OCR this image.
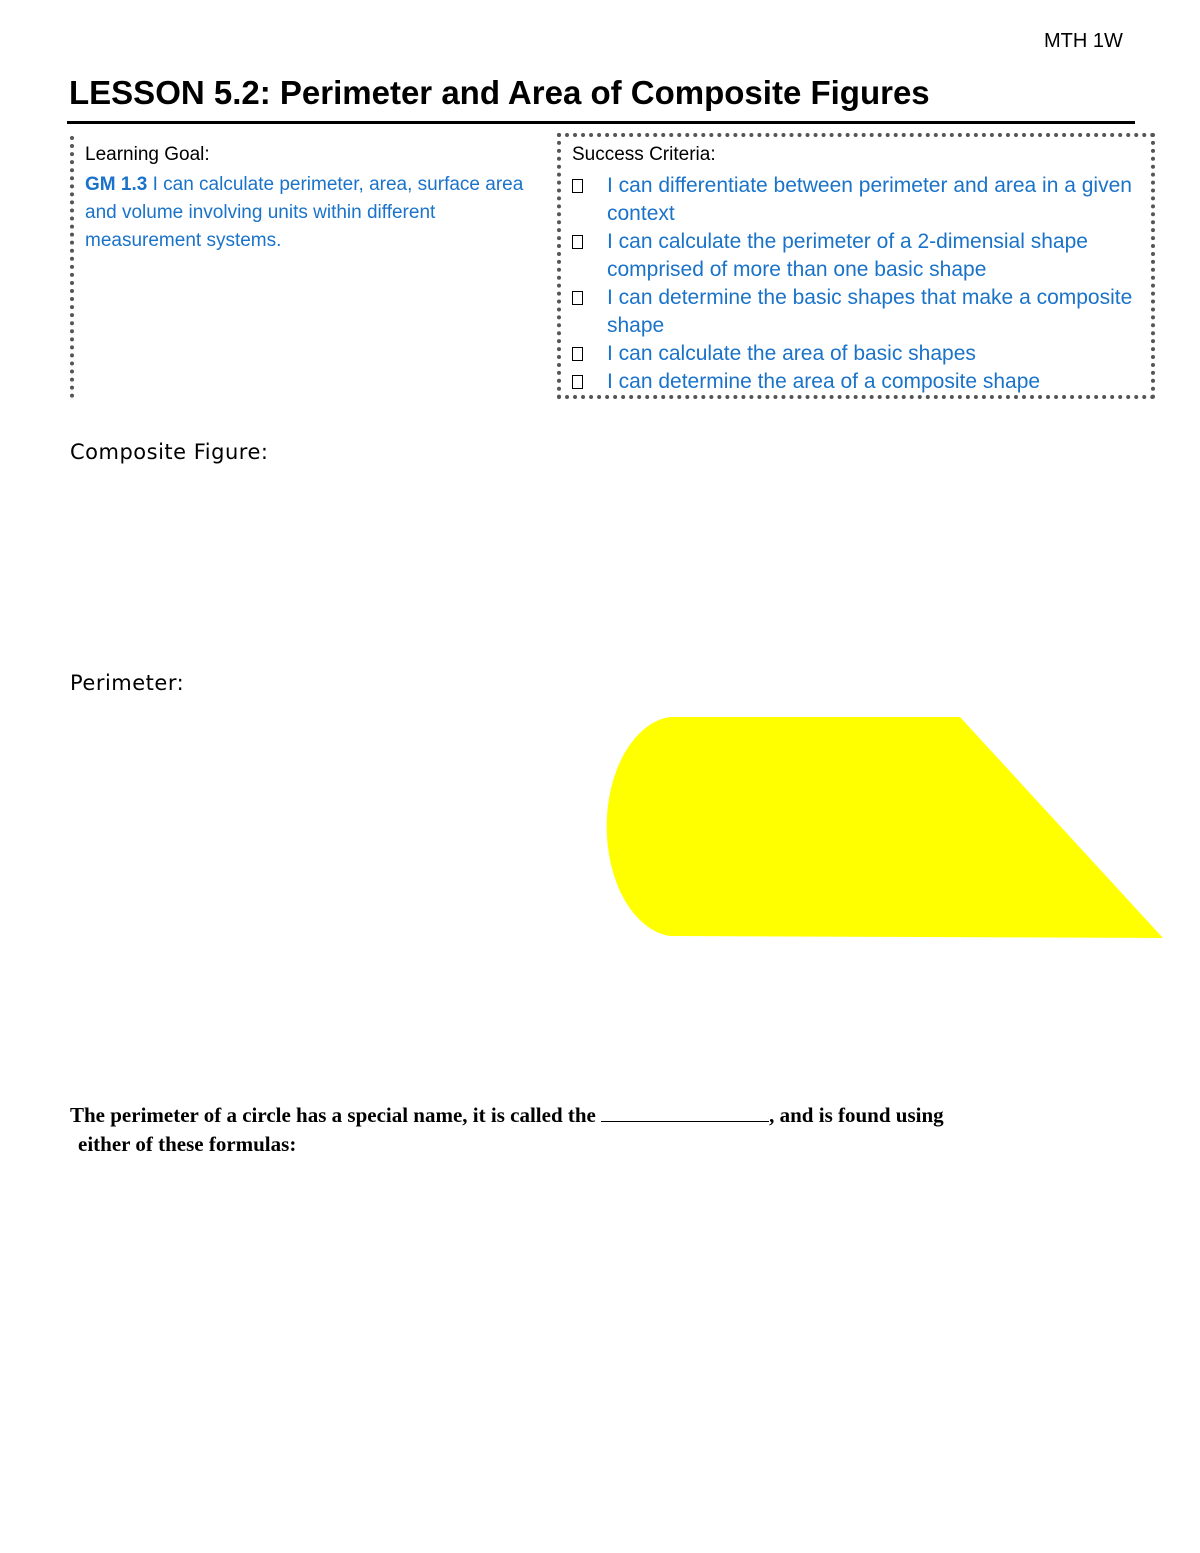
MTH 1W
LESSON 5.2: Perimeter and Area of Composite Figures
Learning Goal:
GM 1.3 I can calculate perimeter, area, surface area and volume involving units within different measurement systems.
Success Criteria:
I can differentiate between perimeter and area in a given context
I can calculate the perimeter of a 2-dimensial shape comprised of more than one basic shape
I can determine the basic shapes that make a composite shape
I can calculate the area of basic shapes
I can determine the area of a composite shape
Composite Figure:
Perimeter:
The perimeter of a circle has a special name, it is called the	, and is found using
either of these formulas:
